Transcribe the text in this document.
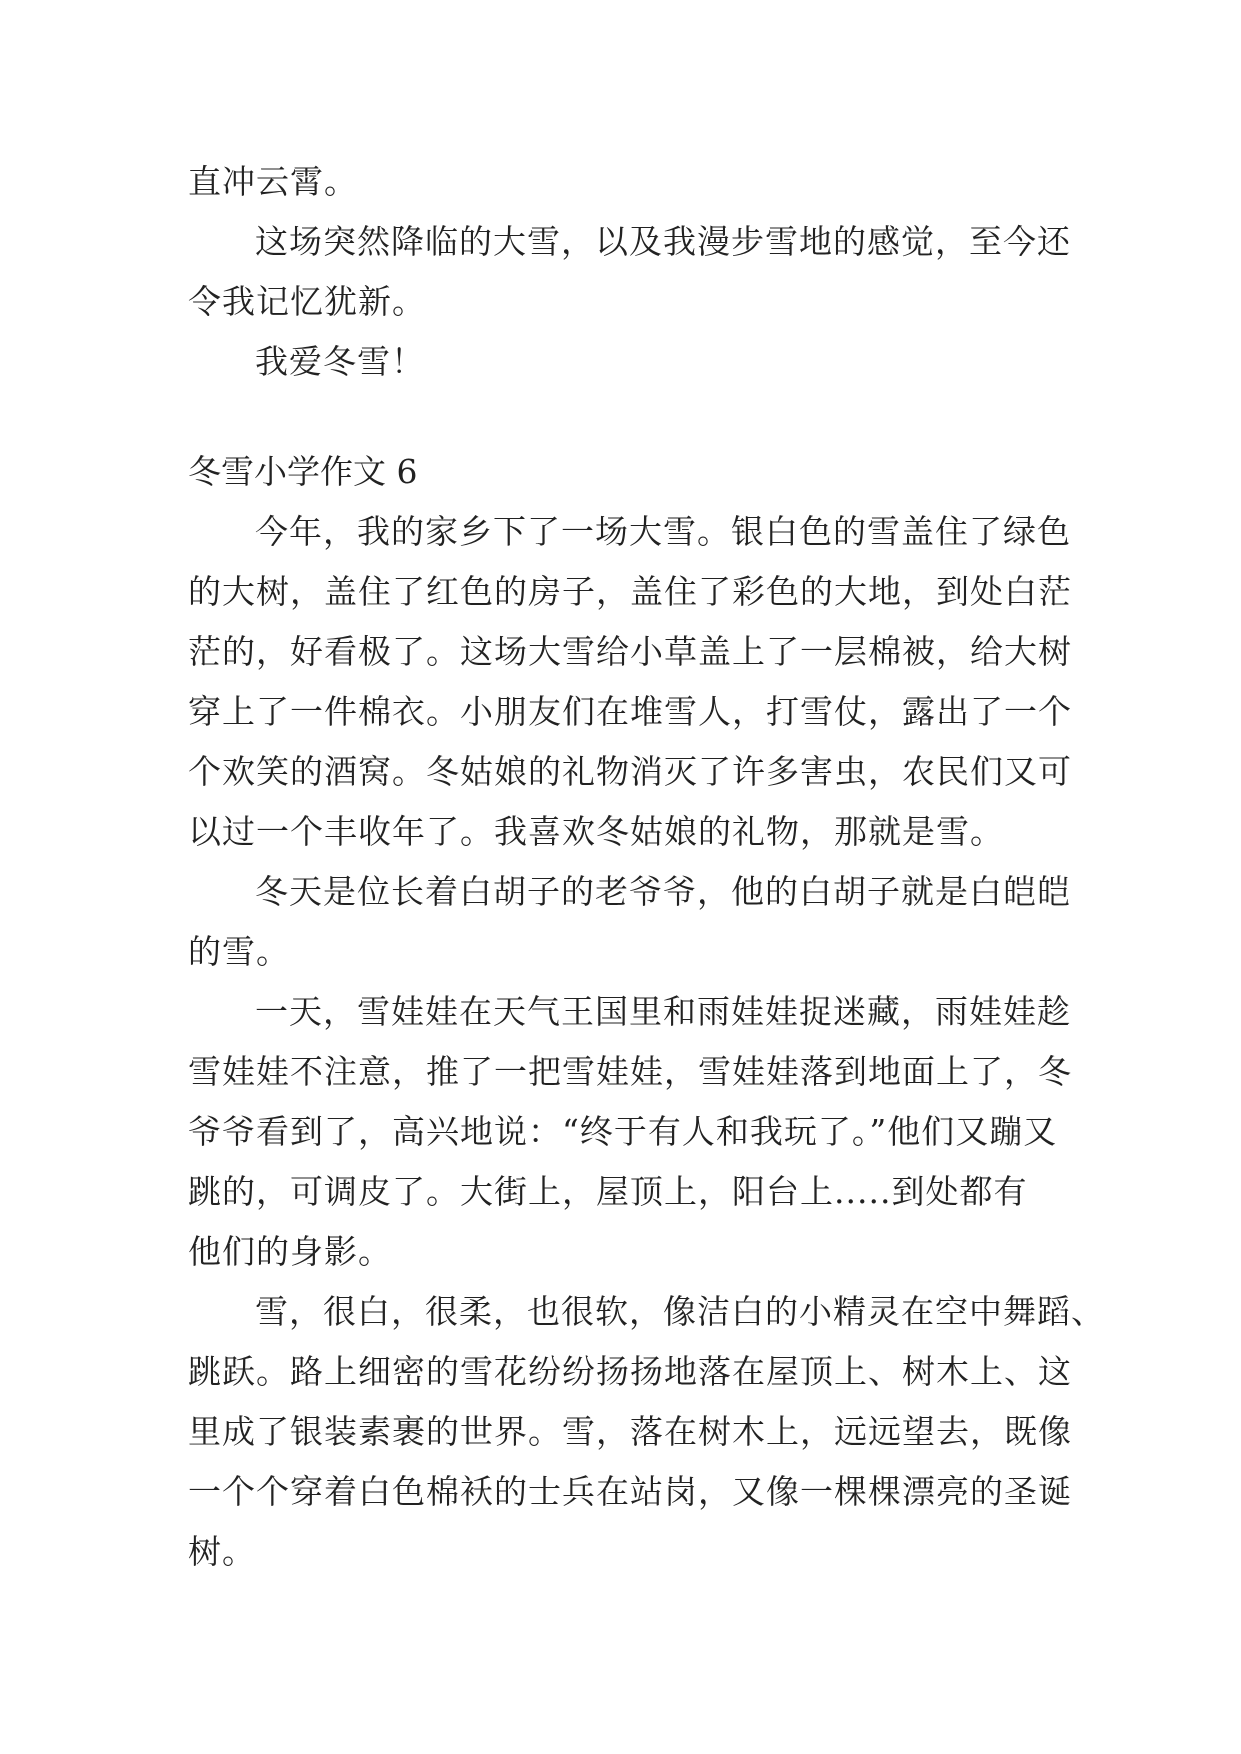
直冲云霄。
这场突然降临的大雪，以及我漫步雪地的感觉，至今还
令我记忆犹新。
我爱冬雪！
冬雪小学作文 6
今年，我的家乡下了一场大雪。银白色的雪盖住了绿色
的大树，盖住了红色的房子，盖住了彩色的大地，到处白茫
茫的，好看极了。这场大雪给小草盖上了一层棉被，给大树
穿上了一件棉衣。小朋友们在堆雪人，打雪仗，露出了一个
个欢笑的酒窝。冬姑娘的礼物消灭了许多害虫，农民们又可
以过一个丰收年了。我喜欢冬姑娘的礼物，那就是雪。
冬天是位长着白胡子的老爷爷，他的白胡子就是白皑皑
的雪。
一天，雪娃娃在天气王国里和雨娃娃捉迷藏，雨娃娃趁
雪娃娃不注意，推了一把雪娃娃，雪娃娃落到地面上了，冬
爷爷看到了，高兴地说：“终于有人和我玩了。”他们又蹦又
跳的，可调皮了。大街上，屋顶上，阳台上.....到处都有
他们的身影。
雪，很白，很柔，也很软，像洁白的小精灵在空中舞蹈、
跳跃。路上细密的雪花纷纷扬扬地落在屋顶上、树木上、这
里成了银装素裹的世界。雪，落在树木上，远远望去，既像
一个个穿着白色棉袄的士兵在站岗，又像一棵棵漂亮的圣诞
树。
